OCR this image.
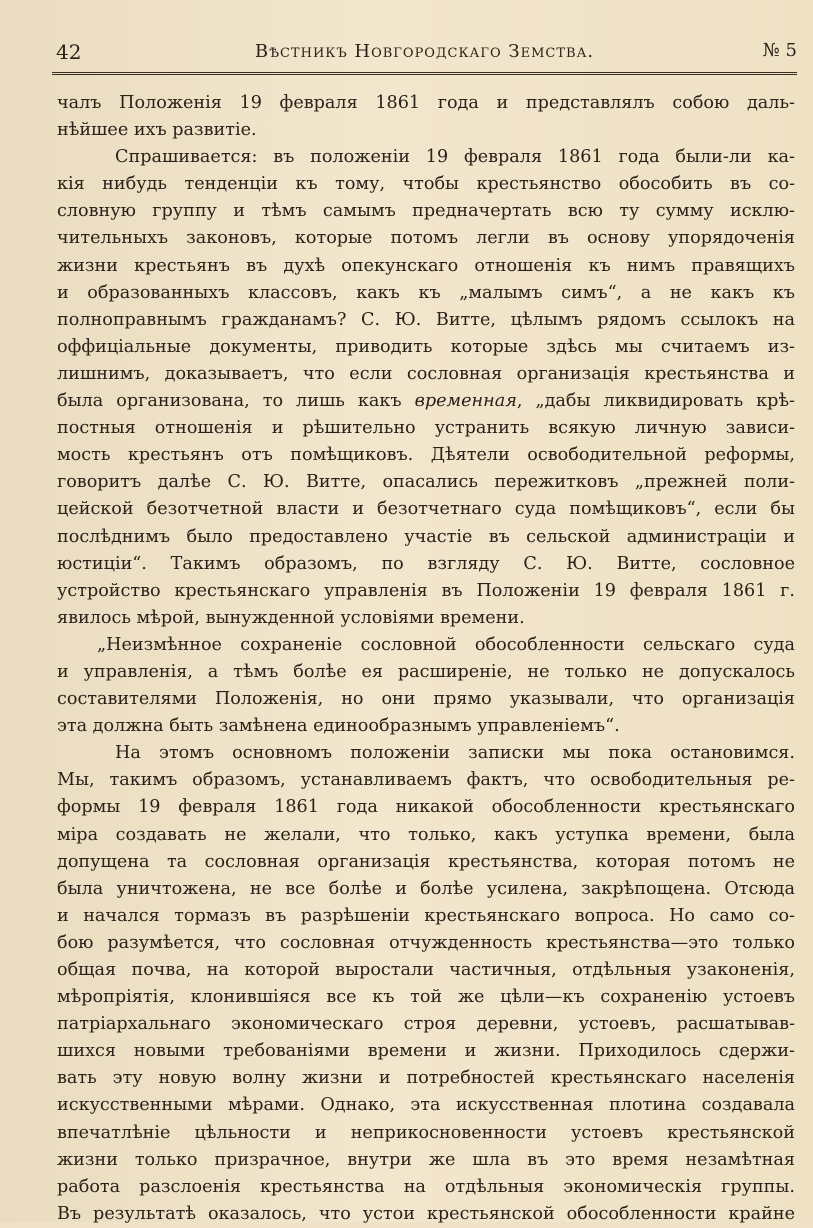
42	Вѣстникъ Новгородскаго Земства.	№ 5
чалъ Положенія 19 февраля 1861 года и представлялъ собою даль-
нѣйшее ихъ развитіе.
Спрашивается: въ положеніи 19 февраля 1861 года были-ли ка-
кія нибудь тенденціи къ тому, чтобы крестьянство обособить въ со-
словную группу и тѣмъ самымъ предначертать всю ту сумму исклю-
чительныхъ законовъ, которые потомъ легли въ основу упорядоченія
жизни крестьянъ въ духѣ опекунскаго отношенія къ нимъ правящихъ
и образованныхъ классовъ, какъ къ „малымъ симъ“, а не какъ къ
полноправнымъ гражданамъ? С. Ю. Витте, цѣлымъ рядомъ ссылокъ на
оффиціальные документы, приводить которые здѣсь мы считаемъ из-
лишнимъ, доказываетъ, что если сословная организація крестьянства и
была организована, то лишь какъ временная, „дабы ликвидировать крѣ-
постныя отношенія и рѣшительно устранить всякую личную зависи-
мость крестьянъ отъ помѣщиковъ. Дѣятели освободительной реформы,
говоритъ далѣе С. Ю. Витте, опасались пережитковъ „прежней поли-
цейской безотчетной власти и безотчетнаго суда помѣщиковъ“, если бы
послѣднимъ было предоставлено участіе въ сельской администраціи и
юстиціи“. Такимъ образомъ, по взгляду С. Ю. Витте, сословное
устройство крестьянскаго управленія въ Положеніи 19 февраля 1861 г.
явилось мѣрой, вынужденной условіями времени.
„Неизмѣнное сохраненіе сословной обособленности сельскаго суда
и управленія, а тѣмъ болѣе ея расширеніе, не только не допускалось
составителями Положенія, но они прямо указывали, что организація
эта должна быть замѣнена единообразнымъ управленіемъ“.
На этомъ основномъ положеніи записки мы пока остановимся.
Мы, такимъ образомъ, устанавливаемъ фактъ, что освободительныя ре-
формы 19 февраля 1861 года никакой обособленности крестьянскаго
міра создавать не желали, что только, какъ уступка времени, была
допущена та сословная организація крестьянства, которая потомъ не
была уничтожена, не все болѣе и болѣе усилена, закрѣпощена. Отсюда
и начался тормазъ въ разрѣшеніи крестьянскаго вопроса. Но само со-
бою разумѣется, что сословная отчужденность крестьянства—это только
общая почва, на которой выростали частичныя, отдѣльныя узаконенія,
мѣропріятія, клонившіяся все къ той же цѣли—къ сохраненію устоевъ
патріархальнаго экономическаго строя деревни, устоевъ, расшатывав-
шихся новыми требованіями времени и жизни. Приходилось сдержи-
вать эту новую волну жизни и потребностей крестьянскаго населенія
искусственными мѣрами. Однако, эта искусственная плотина создавала
впечатлѣніе цѣльности и неприкосновенности устоевъ крестьянской
жизни только призрачное, внутри же шла въ это время незамѣтная
работа разслоенія крестьянства на отдѣльныя экономическія группы.
Въ результатѣ оказалось, что устои крестьянской обособленности крайне
